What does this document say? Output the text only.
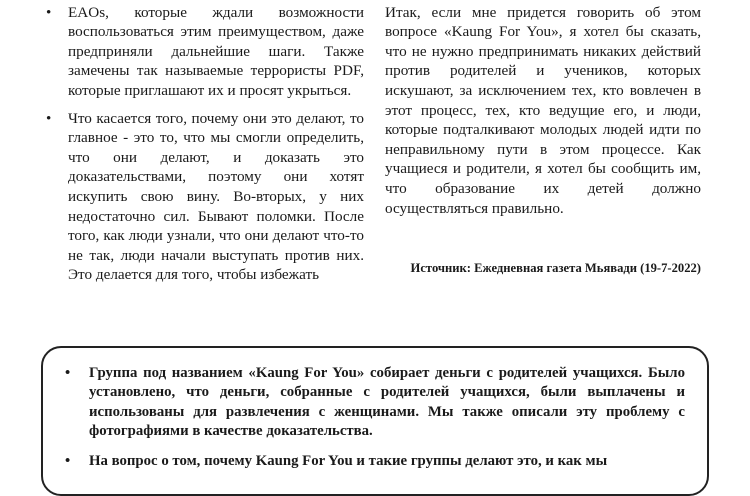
• EAOs, которые ждали возможности воспользоваться этим преимуществом, даже предприняли дальнейшие шаги. Также замечены так называемые террористы PDF, которые приглашают их и просят укрыться.
• Что касается того, почему они это делают, то главное - это то, что мы смогли определить, что они делают, и доказать это доказательствами, поэтому они хотят искупить свою вину. Во-вторых, у них недостаточно сил. Бывают поломки. После того, как люди узнали, что они делают что-то не так, люди начали выступать против них. Это делается для того, чтобы избежать

Итак, если мне придется говорить об этом вопросе «Kaung For You», я хотел бы сказать, что не нужно предпринимать никаких действий против родителей и учеников, которых искушают, за исключением тех, кто вовлечен в этот процесс, тех, кто ведущие его, и люди, которые подталкивают молодых людей идти по неправильному пути в этом процессе. Как учащиеся и родители, я хотел бы сообщить им, что образование их детей должно осуществляться правильно.

Источник: Ежедневная газета Мьявади (19-7-2022)

• Группа под названием «Kaung For You» собирает деньги с родителей учащихся. Было установлено, что деньги, собранные с родителей учащихся, были выплачены и использованы для развлечения с женщинами. Мы также описали эту проблему с фотографиями в качестве доказательства.
• На вопрос о том, почему Kaung For You и такие группы делают это, и как мы
